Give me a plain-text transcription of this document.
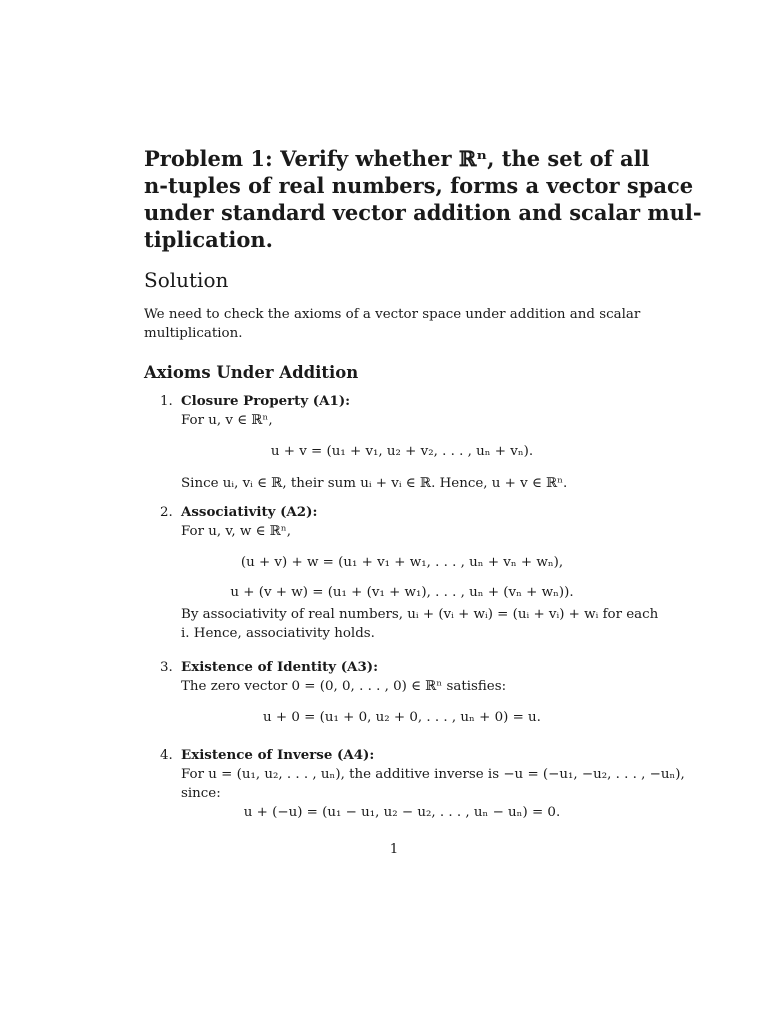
Problem 1: Verify whether ℝⁿ, the set of all
n-tuples of real numbers, forms a vector space
under standard vector addition and scalar mul-
tiplication.
Solution

We need to check the axioms of a vector space under addition and scalar multiplication.

Axioms Under Addition
1. Closure Property (A1):
For u, v ∈ ℝⁿ,
u + v = (u₁ + v₁, u₂ + v₂, . . . , uₙ + vₙ).
Since uᵢ, vᵢ ∈ ℝ, their sum uᵢ + vᵢ ∈ ℝ. Hence, u + v ∈ ℝⁿ.
2. Associativity (A2):
For u, v, w ∈ ℝⁿ,
(u + v) + w = (u₁ + v₁ + w₁, . . . , uₙ + vₙ + wₙ),
u + (v + w) = (u₁ + (v₁ + w₁), . . . , uₙ + (vₙ + wₙ)).
By associativity of real numbers, uᵢ + (vᵢ + wᵢ) = (uᵢ + vᵢ) + wᵢ for each
i. Hence, associativity holds.
3. Existence of Identity (A3):
The zero vector 0 = (0, 0, . . . , 0) ∈ ℝⁿ satisfies:
u + 0 = (u₁ + 0, u₂ + 0, . . . , uₙ + 0) = u.
4. Existence of Inverse (A4):
For u = (u₁, u₂, . . . , uₙ), the additive inverse is −u = (−u₁, −u₂, . . . , −uₙ),
since:
u + (−u) = (u₁ − u₁, u₂ − u₂, . . . , uₙ − uₙ) = 0.
1
